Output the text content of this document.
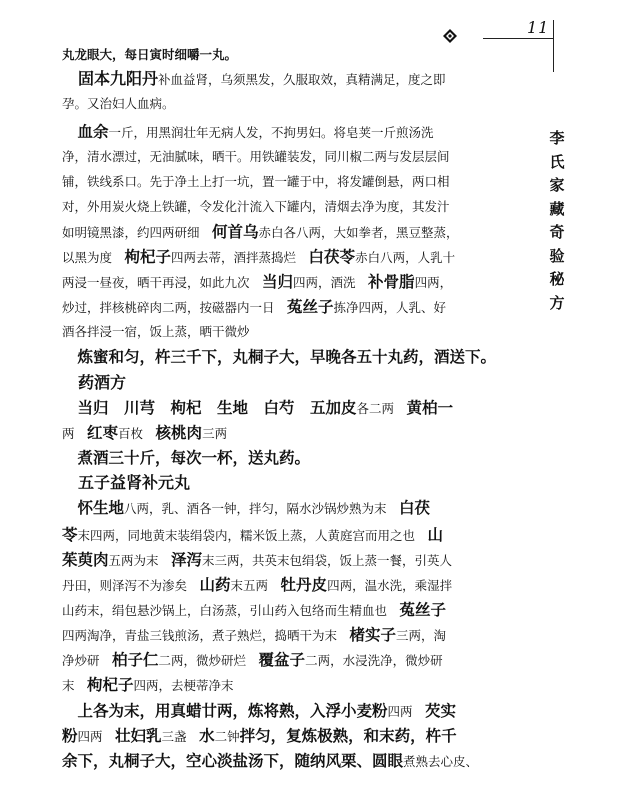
11
李氏家藏奇验秘方
丸龙眼大，每日寅时细嚼一丸。
　固本九阳丹补血益肾，乌须黑发，久服取效，真精满足，度之即
孕。又治妇人血病。
　血余一斤，用黑润壮年无病人发，不拘男妇。将皂荚一斤煎汤洗
净，清水漂过，无油腻味，晒干。用铁罐装发，同川椒二两与发层层间
铺，铁线系口。先于净土上打一坑，置一罐于中，将发罐倒悬，两口相
对，外用炭火烧上铁罐，令发化汁流入下罐内，清烟去净为度，其发汁
如明镜黑漆，约四两研细　何首乌赤白各八两，大如拳者，黑豆整蒸，
以黑为度　枸杞子四两去蒂，酒拌蒸捣烂　白茯苓赤白八两，人乳十
两浸一昼夜，晒干再浸，如此九次　当归四两，酒洗　补骨脂四两，
炒过，拌核桃碎肉二两，按磁器内一日　菟丝子拣净四两，人乳、好
酒各拌浸一宿，饭上蒸，晒干微炒
　炼蜜和匀，杵三千下，丸桐子大，早晚各五十丸药，酒送下。
　药酒方
　当归　川芎　枸杞　生地　白芍　五加皮各二两　黄柏一
两　红枣百枚　核桃肉三两
　煮酒三十斤，每次一杯，送丸药。
　五子益肾补元丸
　怀生地八两，乳、酒各一钟，拌匀，隔水沙锅炒熟为末　白茯
苓末四两，同地黄末装绢袋内，糯米饭上蒸，人黄庭宫而用之也　山
茱萸肉五两为末　泽泻末三两，共英末包绢袋，饭上蒸一餐，引英人
丹田，则泽泻不为渗矣　山药末五两　牡丹皮四两，温水洗，乘湿拌
山药末，绢包悬沙锅上，白汤蒸，引山药入包络而生精血也　菟丝子
四两淘净，青盐三钱煎汤，煮子熟烂，捣晒干为末　楮实子三两，淘
净炒研　柏子仁二两，微炒研烂　覆盆子二两，水浸洗净，微炒研
末　枸杞子四两，去梗蒂净末
　上各为末，用真蜡廿两，炼将熟，入浮小麦粉四两　芡实
粉四两　壮妇乳三盏　水二钟拌匀，复炼极熟，和末药，杵千
余下，丸桐子大，空心淡盐汤下，随纳风栗、圆眼煮熟去心皮、
